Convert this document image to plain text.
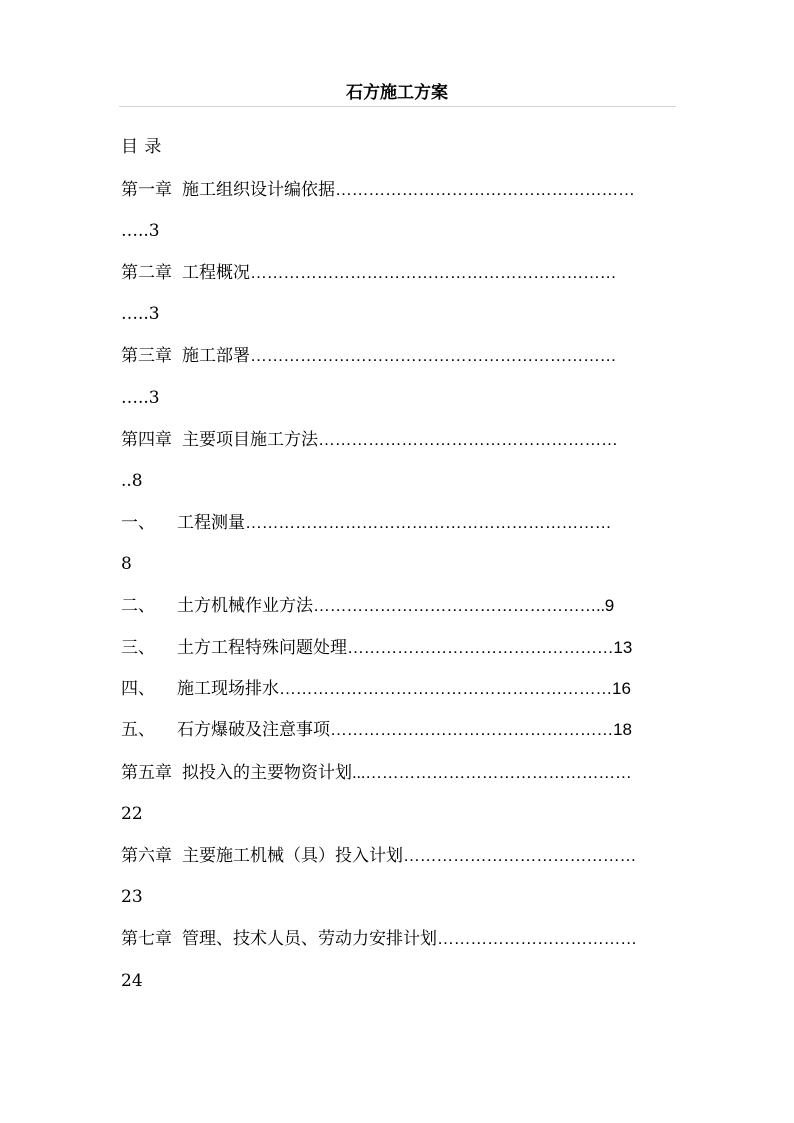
石方施工方案
目 录
第一章 施工组织设计编依据………………………………………………
…..3
第二章 工程概况…………………………………………………………
…..3
第三章 施工部署…………………………………………………………
…..3
第四章 主要项目施工方法………………………………………………
..8
一、 工程测量…………………………………………………………
8
二、 土方机械作业方法……………………………………………..9
三、 土方工程特殊问题处理…………………………………………13
四、 施工现场排水……………………………………………………16
五、 石方爆破及注意事项……………………………………………18
第五章 拟投入的主要物资计划...…………………………………………
22
第六章 主要施工机械（具）投入计划……………………………………
23
第七章 管理、技术人员、劳动力安排计划………………………………
24
